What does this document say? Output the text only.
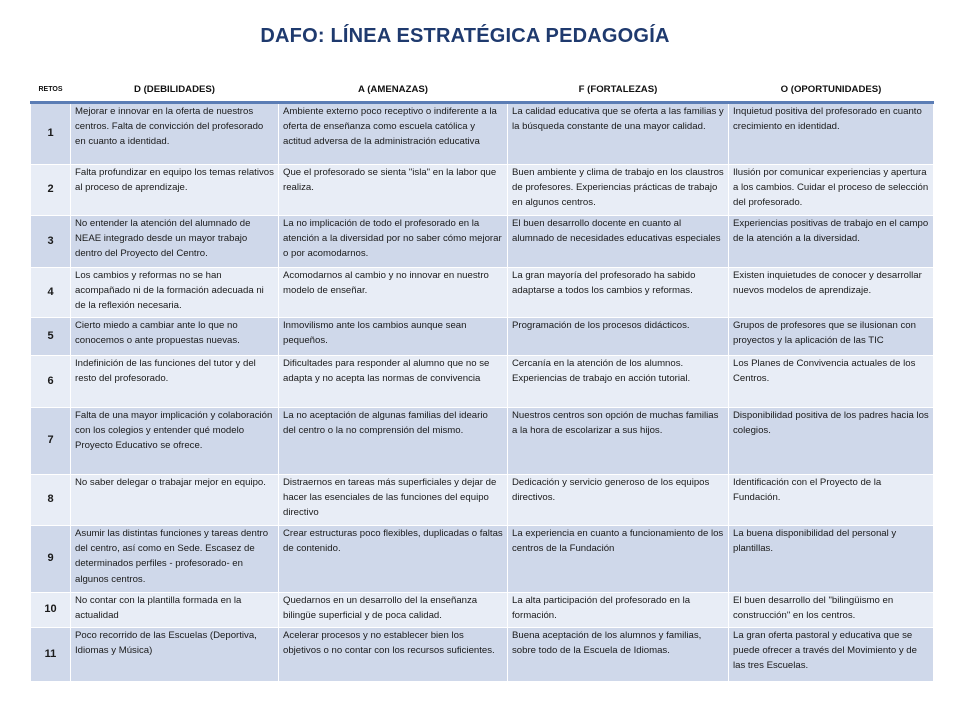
DAFO: LÍNEA ESTRATÉGICA PEDAGOGÍA
RETOS	D (DEBILIDADES)	A (AMENAZAS)	F (FORTALEZAS)	O (OPORTUNIDADES)
1	Mejorar e innovar en la oferta de nuestros centros. Falta de convicción del profesorado en cuanto a identidad.	Ambiente externo poco receptivo o indiferente a la oferta de enseñanza como escuela católica y actitud adversa de la administración educativa	La calidad educativa que se oferta a las familias y la búsqueda constante de una mayor calidad.	Inquietud positiva del profesorado en cuanto crecimiento en identidad.
2	Falta profundizar en equipo los temas relativos al proceso de aprendizaje.	Que el profesorado se sienta "isla" en la labor que realiza.	Buen ambiente y clima de trabajo en los claustros de profesores. Experiencias prácticas de trabajo en algunos centros.	Ilusión por comunicar experiencias y apertura a los cambios. Cuidar el proceso de selección del profesorado.
3	No entender la atención del alumnado de NEAE integrado desde un mayor trabajo dentro del Proyecto del Centro.	La no implicación de todo el profesorado en la atención a la diversidad por no saber cómo mejorar o por acomodarnos.	El buen desarrollo docente en cuanto al alumnado de necesidades educativas especiales	Experiencias positivas de trabajo en el campo de la atención a la diversidad.
4	Los cambios y reformas no se han acompañado ni de la formación adecuada ni de la reflexión necesaria.	Acomodarnos al cambio y no innovar en nuestro modelo de enseñar.	La gran mayoría del profesorado ha sabido adaptarse a todos los cambios y reformas.	Existen inquietudes de conocer y desarrollar nuevos modelos de aprendizaje.
5	Cierto miedo a cambiar ante lo que no conocemos o ante propuestas nuevas.	Inmovilismo ante los cambios aunque sean pequeños.	Programación de los procesos didácticos.	Grupos de profesores que se ilusionan con proyectos y la aplicación de las TIC
6	Indefinición de las funciones del tutor y del resto del profesorado.	Dificultades para responder al alumno que no se adapta y no acepta las normas de convivencia	Cercanía en la atención de los alumnos. Experiencias de trabajo en acción tutorial.	Los Planes de Convivencia actuales de los Centros.
7	Falta de una mayor implicación y colaboración con los colegios y entender qué modelo Proyecto Educativo se ofrece.	La no aceptación de algunas familias del ideario del centro o la no comprensión del mismo.	Nuestros centros son opción de muchas familias a la hora de escolarizar a sus hijos.	Disponibilidad positiva de los padres hacia los colegios.
8	No saber delegar o trabajar mejor en equipo.	Distraernos en tareas más superficiales y dejar de hacer las esenciales de las funciones del equipo directivo	Dedicación y servicio generoso de los equipos directivos.	Identificación con el Proyecto de la Fundación.
9	Asumir las distintas funciones y tareas dentro del centro, así como en Sede. Escasez de determinados perfiles - profesorado- en algunos centros.	Crear estructuras poco flexibles, duplicadas o faltas de contenido.	La experiencia en cuanto a funcionamiento de los centros de la Fundación	La buena disponibilidad del personal y plantillas.
10	No contar con la plantilla formada en la actualidad	Quedarnos en un desarrollo del la enseñanza bilingüe superficial y de poca calidad.	La alta participación del profesorado en la formación.	El buen desarrollo del "bilingüismo en construcción" en los centros.
11	Poco recorrido de las Escuelas (Deportiva, Idiomas y Música)	Acelerar procesos y no establecer bien los objetivos o no contar con los recursos suficientes.	Buena aceptación de los alumnos y familias, sobre todo de la Escuela de Idiomas.	La gran oferta pastoral y educativa que se puede ofrecer a través del Movimiento y de las tres Escuelas.
